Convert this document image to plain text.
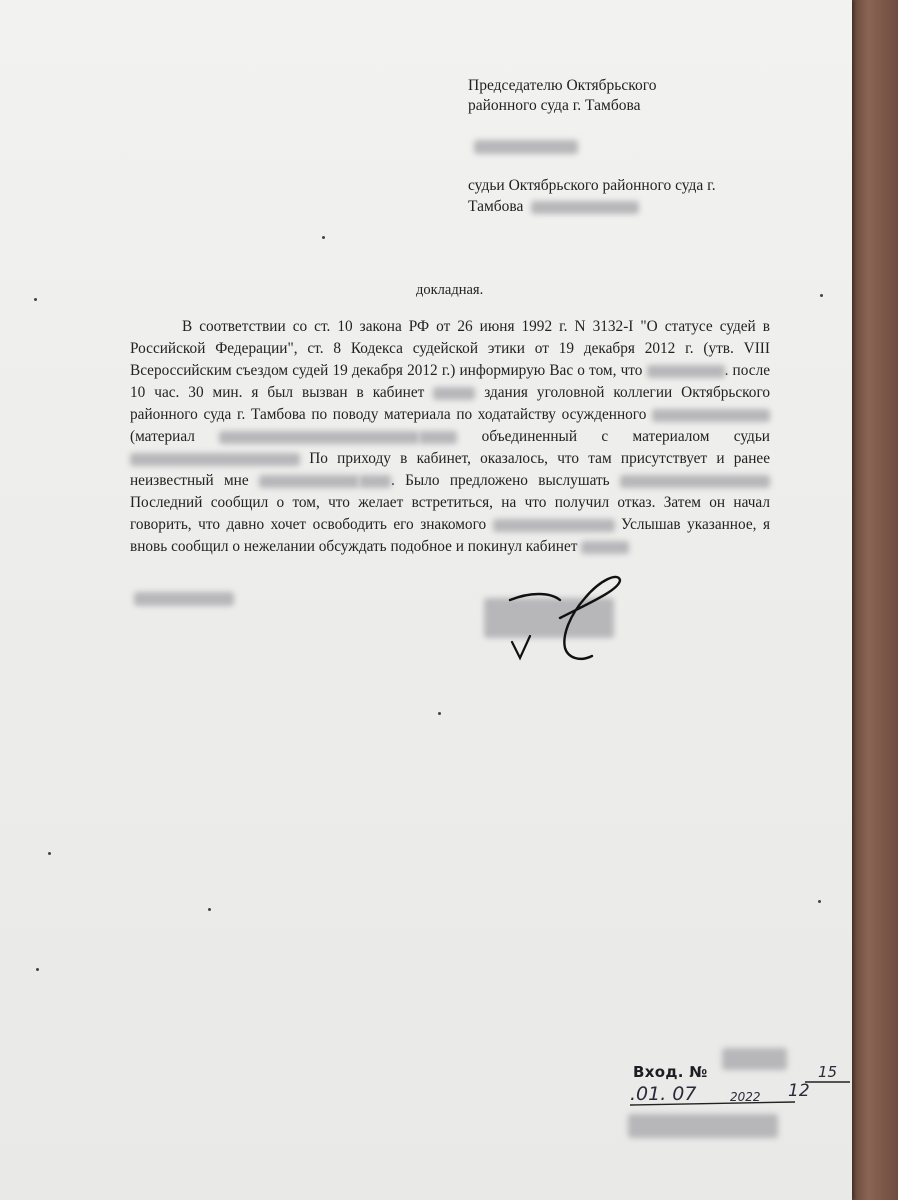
Председателю Октябрьского
районного суда г. Тамбова
судьи Октябрьского районного суда г.
Тамбова
докладная.

В соответствии со ст. 10 закона РФ от 26 июня 1992 г. N 3132-I "О статусе судей в Российской Федерации", ст. 8 Кодекса судейской этики от 19 декабря 2012 г. (утв. VIII Всероссийским съездом судей 19 декабря 2012 г.) информирую Вас о том, что	. после 10 час. 30 мин. я был вызван в кабинет	здания уголовной коллегии Октябрьского районного суда г. Тамбова по поводу материала по ходатайству осужденного  (материал	объединенный с материалом судьи  По приходу в кабинет, оказалось, что там присутствует и ранее неизвестный мне	. Было предложено выслушать  Последний сообщил о том, что желает встретиться, на что получил отказ. Затем он начал говорить, что давно хочет освободить его знакомого	Услышав указанное, я вновь сообщил о нежелании обсуждать подобное и покинул кабинет

Вход. №
.01. 07	2022 12
15
